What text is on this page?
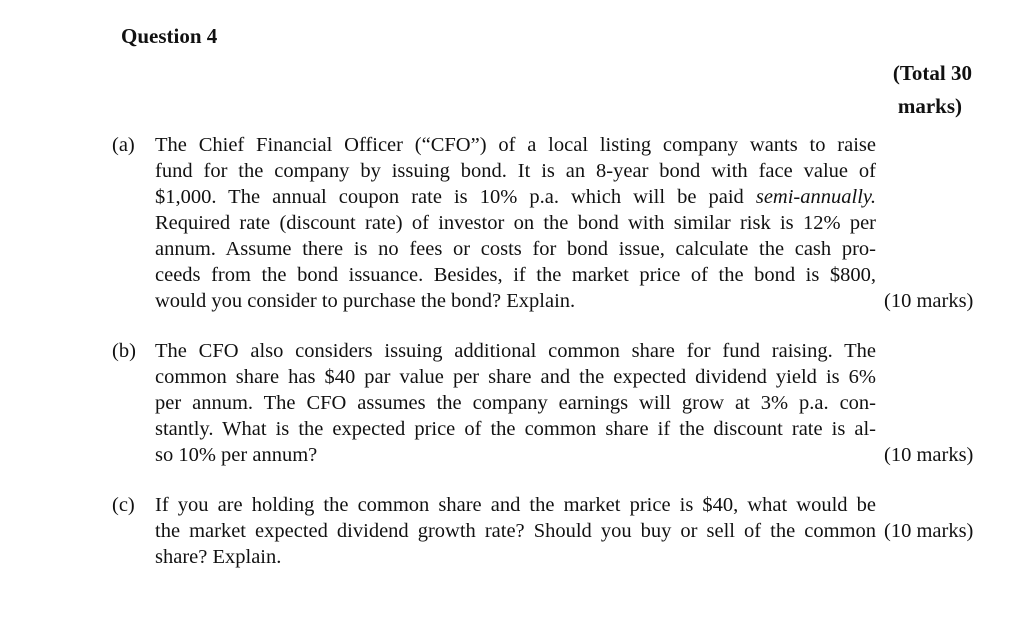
Question 4
(Total 30
marks)
(a) The Chief Financial Officer (“CFO”) of a local listing company wants to raise
fund for the company by issuing bond. It is an 8-year bond with face value of
$1,000. The annual coupon rate is 10% p.a. which will be paid semi-annually.
Required rate (discount rate) of investor on the bond with similar risk is 12% per
annum. Assume there is no fees or costs for bond issue, calculate the cash pro-
ceeds from the bond issuance. Besides, if the market price of the bond is $800,
would you consider to purchase the bond? Explain.	(10 marks)
(b) The CFO also considers issuing additional common share for fund raising. The
common share has $40 par value per share and the expected dividend yield is 6%
per annum. The CFO assumes the company earnings will grow at 3% p.a. con-
stantly. What is the expected price of the common share if the discount rate is al-
so 10% per annum?	(10 marks)
(c) If you are holding the common share and the market price is $40, what would be
the market expected dividend growth rate? Should you buy or sell of the common
share? Explain.
(10 marks)
